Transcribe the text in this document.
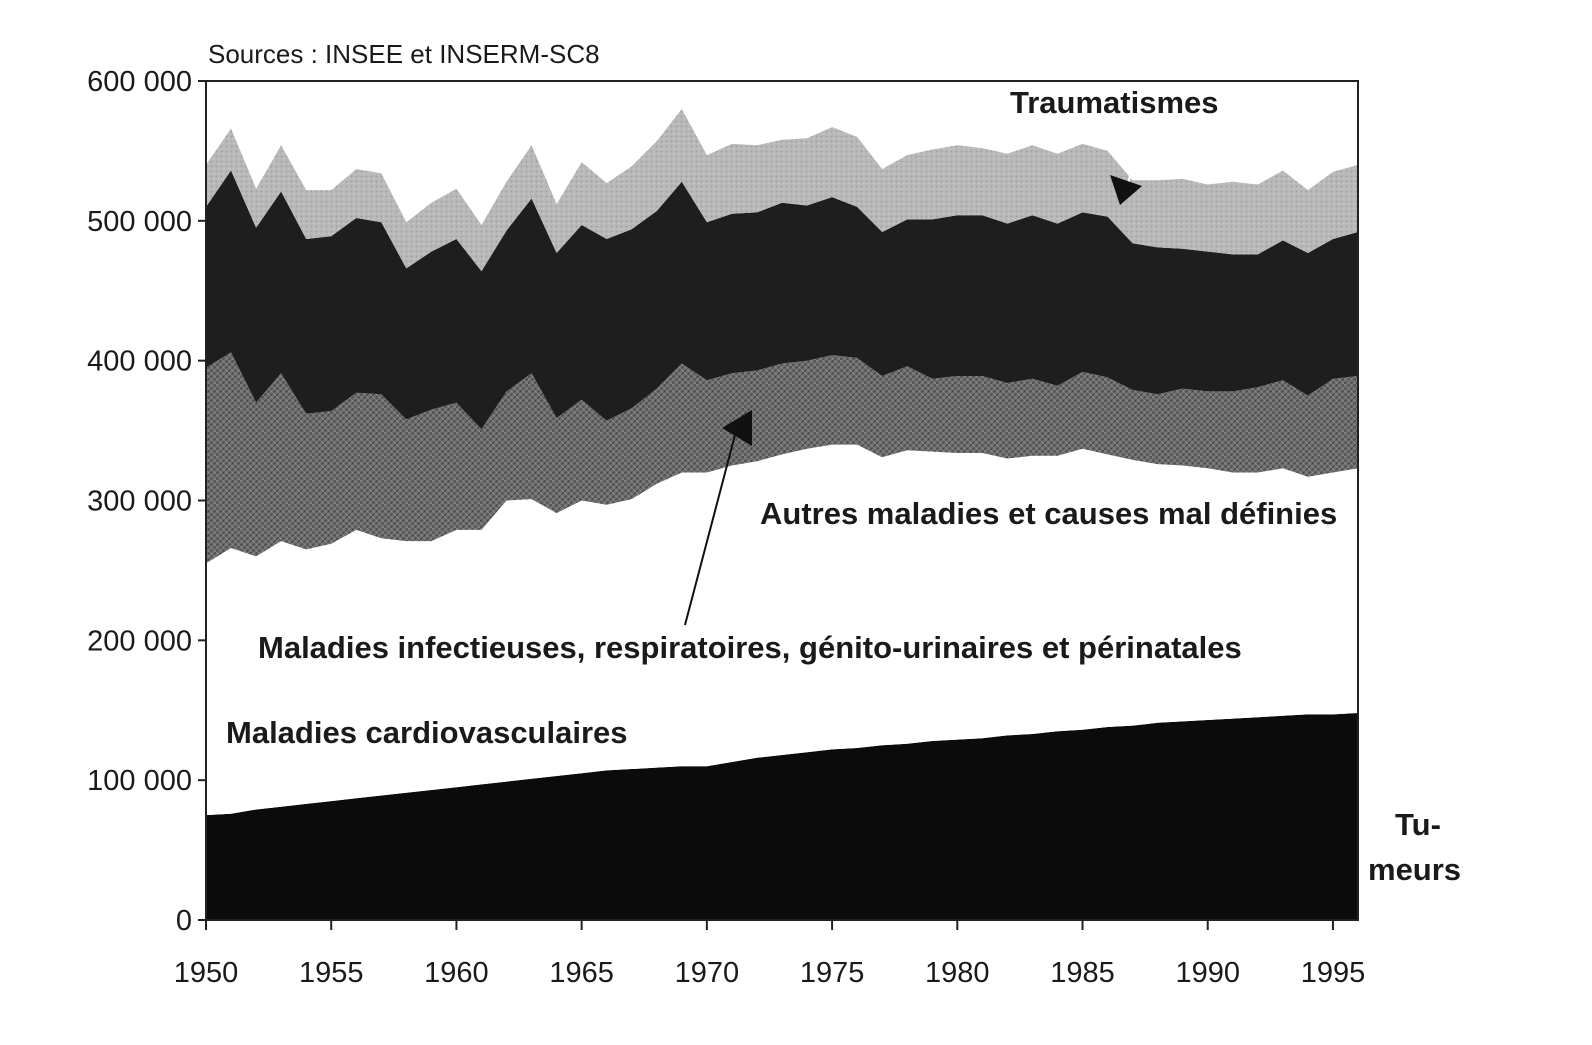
0
100 000
200 000
300 000
400 000
500 000
600 000
1950 1955 1960 1965 1970 1975 1980 1985 1990 1995
Sources : INSEE et INSERM-SC8
Traumatismes
Autres maladies et causes mal définies
Maladies infectieuses, respiratoires, génito-urinaires et périnatales
Maladies cardiovasculaires
Tu-
meurs
